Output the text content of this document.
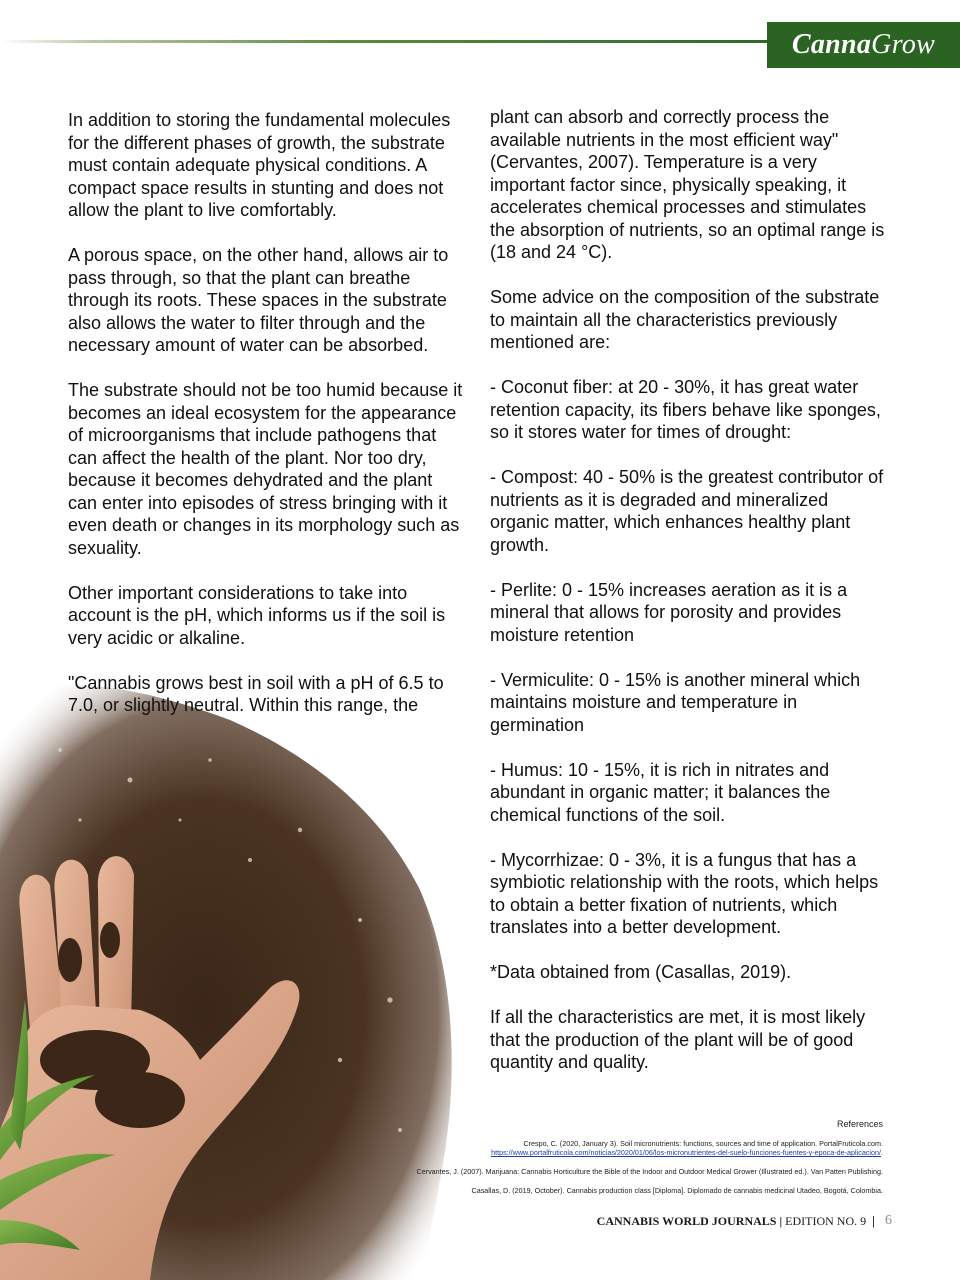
CannaGrow

In addition to storing the fundamental molecules for the different phases of growth, the substrate must contain adequate physical conditions. A compact space results in stunting and does not allow the plant to live comfortably.

A porous space, on the other hand, allows air to pass through, so that the plant can breathe through its roots. These spaces in the substrate also allows the water to filter through and the necessary amount of water can be absorbed.

The substrate should not be too humid because it becomes an ideal ecosystem for the appearance of microorganisms that include pathogens that can affect the health of the plant. Nor too dry, because it becomes dehydrated and the plant can enter into episodes of stress bringing with it even death or changes in its morphology such as sexuality.

Other important considerations to take into account is the pH, which informs us if the soil is very acidic or alkaline.

"Cannabis grows best in soil with a pH of 6.5 to 7.0, or slightly neutral. Within this range, the

plant can absorb and correctly process the available nutrients in the most efficient way" (Cervantes, 2007). Temperature is a very important factor since, physically speaking, it accelerates chemical processes and stimulates the absorption of nutrients, so an optimal range is (18 and 24 °C).

Some advice on the composition of the substrate to maintain all the characteristics previously mentioned are:

- Coconut fiber: at 20 - 30%, it has great water retention capacity, its fibers behave like sponges, so it stores water for times of drought:

- Compost: 40 - 50% is the greatest contributor of nutrients as it is degraded and mineralized organic matter, which enhances healthy plant growth.

- Perlite: 0 - 15% increases aeration as it is a mineral that allows for porosity and provides moisture retention

- Vermiculite: 0 - 15% is another mineral which maintains moisture and temperature in germination

- Humus: 10 - 15%, it is rich in nitrates and abundant in organic matter; it balances the chemical functions of the soil.

- Mycorrhizae: 0 - 3%, it is a fungus that has a symbiotic relationship with the roots, which helps to obtain a better fixation of nutrients, which translates into a better development.

*Data obtained from (Casallas, 2019).

If all the characteristics are met, it is most likely that the production of the plant will be of good quantity and quality.

References
Crespo, C. (2020, January 3). Soil micronutrients: functions, sources and time of application. PortalFruticola.com.
https://www.portalfruticola.com/noticias/2020/01/06/los-micronutrientes-del-suelo-funciones-fuentes-y-epoca-de-aplicacion/.
Cervantes, J. (2007). Marijuana: Cannabis Horticulture the Bible of the Indoor and Outdoor Medical Grower (Illustrated ed.). Van Patten Publishing.
Casallas, D. (2019, October). Cannabis production class [Diploma]. Diplomado de cannabis medicinal Utadeo, Bogotá, Colombia.
CANNABIS WORLD JOURNALS | EDITION NO. 9 | 6
